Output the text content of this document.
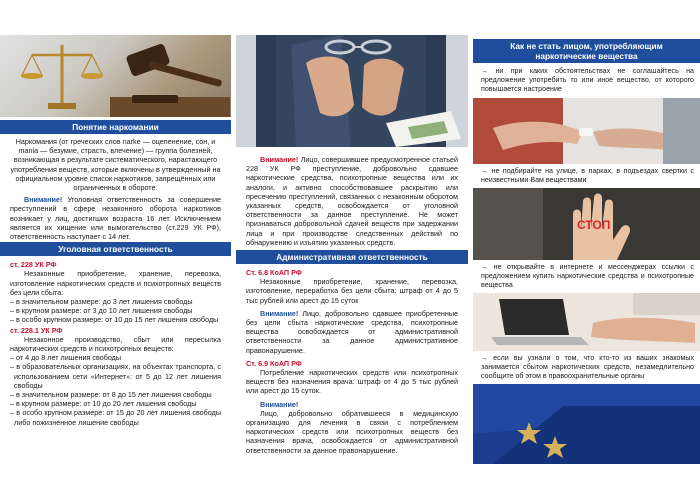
Понятие наркомании
Наркомания (от греческих слов narke — оцепенение, сон, и mania — безумие, страсть, влечение) — группа болезней, возникающая в результате систематического, нарастающего употребления веществ, которые включены в утвержденный на официальном уровне список наркотиков, запрещённых или ограниченных в обороте.
Внимание! Уголовная ответственность за совершение преступлений в сфере незаконного оборота наркотиков возникает у лиц, достигших возраста 16 лет. Исключением является их хищение или вымогательство (ст.229 УК РФ), ответственность наступает с 14 лет.
Уголовная ответственность
ст. 228 УК РФ
Незаконные приобретение, хранение, перевозка, изготовление наркотических средств и психотропных веществ без цели сбыта:
– в значительном размере: до 3 лет лишения свободы
– в крупном размере: от 3 до 10 лет лишения свободы
– в особо крупном размере: от 10 до 15 лет лишения свободы
ст. 228.1 УК РФ
Незаконное производство, сбыт или пересылка наркотических средств и психотропных веществ:
– от 4 до 8 лет лишения свободы
– в образовательных организациях, на объектах транспорта, с использованием сети «Интернет»: от 5 до 12 лет лишения свободы
– в значительном размере: от 8 до 15 лет лишения свободы
– в крупном размере: от 10 до 20 лет лишения свободы
– в особо крупном размере: от 15 до 20 лет лишения свободы либо пожизненное лишение свободы
Внимание! Лицо, совершившее предусмотренное статьей 228 УК РФ преступление, добровольно сдавшее наркотические средства, психотропные вещества или их аналоги, и активно способствовавшее раскрытию или пресечению преступлений, связанных с незаконным оборотом указанных средств, освобождается от уголовной ответственности за данное преступление. Не может признаваться добровольной сдачей веществ при задержании лица и при производстве следственных действий по обнаружению и изъятию указанных средств.
Административная ответственность
Ст. 6.8 КоАП РФ
Незаконные приобретение, хранение, перевозка, изготовление, переработка без цели сбыта: штраф от 4 до 5 тыс рублей или арест до 15 суток
Внимание! Лицо, добровольно сдавшее приобретенные без цели сбыта наркотические средства, психотропные вещества освобождается от административной ответственности за данное административное правонарушение.
Ст. 6.9 КоАП РФ
Потребление наркотических средств или психотропных веществ без назначения врача: штраф от 4 до 5 тыс рублей или арест до 15 суток.
Внимание!
Лицо, добровольно обратившееся в медицинскую организацию для лечения в связи с потреблением наркотических средств или психотропных веществ без назначения врача, освобождается от административной ответственности за данное правонарушение.
Как не стать лицом, употребляющим наркотические вещества
→ ни при каких обстоятельствах не соглашайтесь на предложение употребить то или иное вещество, от которого повышается настроение
→ не подбирайте на улице, в парках, в подъездах свертки с неизвестными Вам веществами
СТОП
→ не открывайте в интернете и мессенджерах ссылки с предложением купить наркотические средства и психотропные вещества
→ если вы узнали о том, что кто-то из ваших знакомых занимается сбытом наркотических средств, незамедлительно сообщите об этом в правоохранительные органы
